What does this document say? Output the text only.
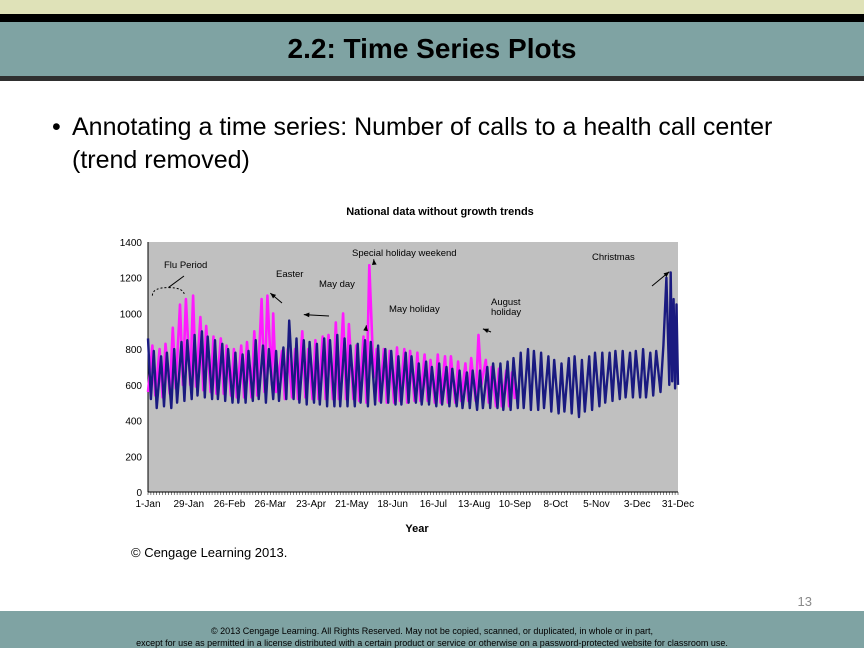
2.2: Time Series Plots
• Annotating a time series: Number of calls to a health call center (trend removed)
National data without growth trends
0
200
400
600
800
1000
1200
1400
1-Jan 29-Jan 26-Feb 26-Mar 23-Apr 21-May 18-Jun 16-Jul 13-Aug 10-Sep 8-Oct 5-Nov 3-Dec 31-Dec
Flu Period
Easter
May day
Special holiday weekend
May holiday
August
holiday
Christmas
Year
© Cengage Learning 2013.
13
© 2013 Cengage Learning. All Rights Reserved. May not be copied, scanned, or duplicated, in whole or in part,
except for use as permitted in a license distributed with a certain product or service or otherwise on a password-protected website for classroom use.
